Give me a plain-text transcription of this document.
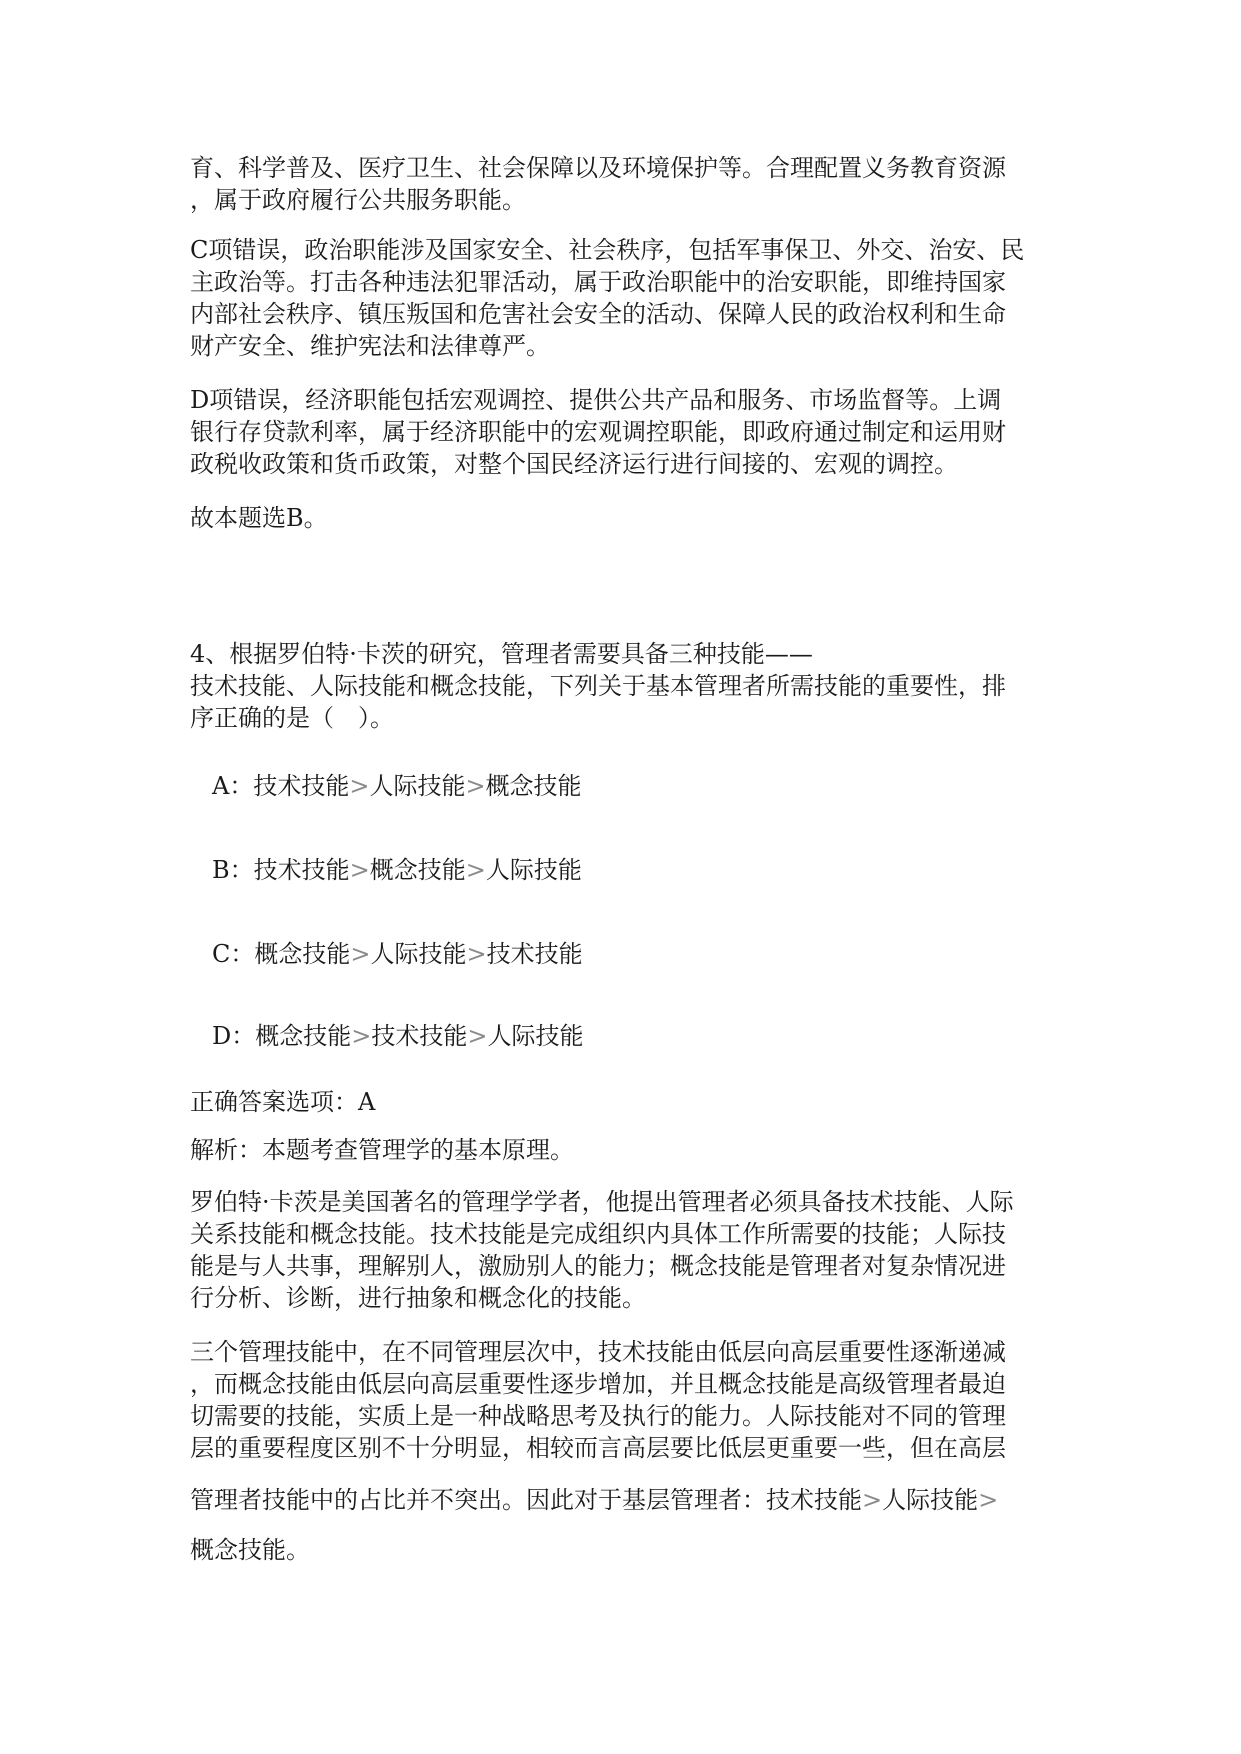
育、科学普及、医疗卫生、社会保障以及环境保护等。合理配置义务教育资源
，属于政府履行公共服务职能。
C项错误，政治职能涉及国家安全、社会秩序，包括军事保卫、外交、治安、民
主政治等。打击各种违法犯罪活动，属于政治职能中的治安职能，即维持国家
内部社会秩序、镇压叛国和危害社会安全的活动、保障人民的政治权利和生命
财产安全、维护宪法和法律尊严。
D项错误，经济职能包括宏观调控、提供公共产品和服务、市场监督等。上调
银行存贷款利率，属于经济职能中的宏观调控职能，即政府通过制定和运用财
政税收政策和货币政策，对整个国民经济运行进行间接的、宏观的调控。
故本题选B。
4、根据罗伯特·卡茨的研究，管理者需要具备三种技能——
技术技能、人际技能和概念技能，下列关于基本管理者所需技能的重要性，排
序正确的是（　）。
A：技术技能>人际技能>概念技能
B：技术技能>概念技能>人际技能
C：概念技能>人际技能>技术技能
D：概念技能>技术技能>人际技能
正确答案选项：A
解析：本题考查管理学的基本原理。
罗伯特·卡茨是美国著名的管理学学者，他提出管理者必须具备技术技能、人际
关系技能和概念技能。技术技能是完成组织内具体工作所需要的技能；人际技
能是与人共事，理解别人，激励别人的能力；概念技能是管理者对复杂情况进
行分析、诊断，进行抽象和概念化的技能。
三个管理技能中，在不同管理层次中，技术技能由低层向高层重要性逐渐递减
，而概念技能由低层向高层重要性逐步增加，并且概念技能是高级管理者最迫
切需要的技能，实质上是一种战略思考及执行的能力。人际技能对不同的管理
层的重要程度区别不十分明显，相较而言高层要比低层更重要一些，但在高层
管理者技能中的占比并不突出。因此对于基层管理者：技术技能>人际技能>
概念技能。
